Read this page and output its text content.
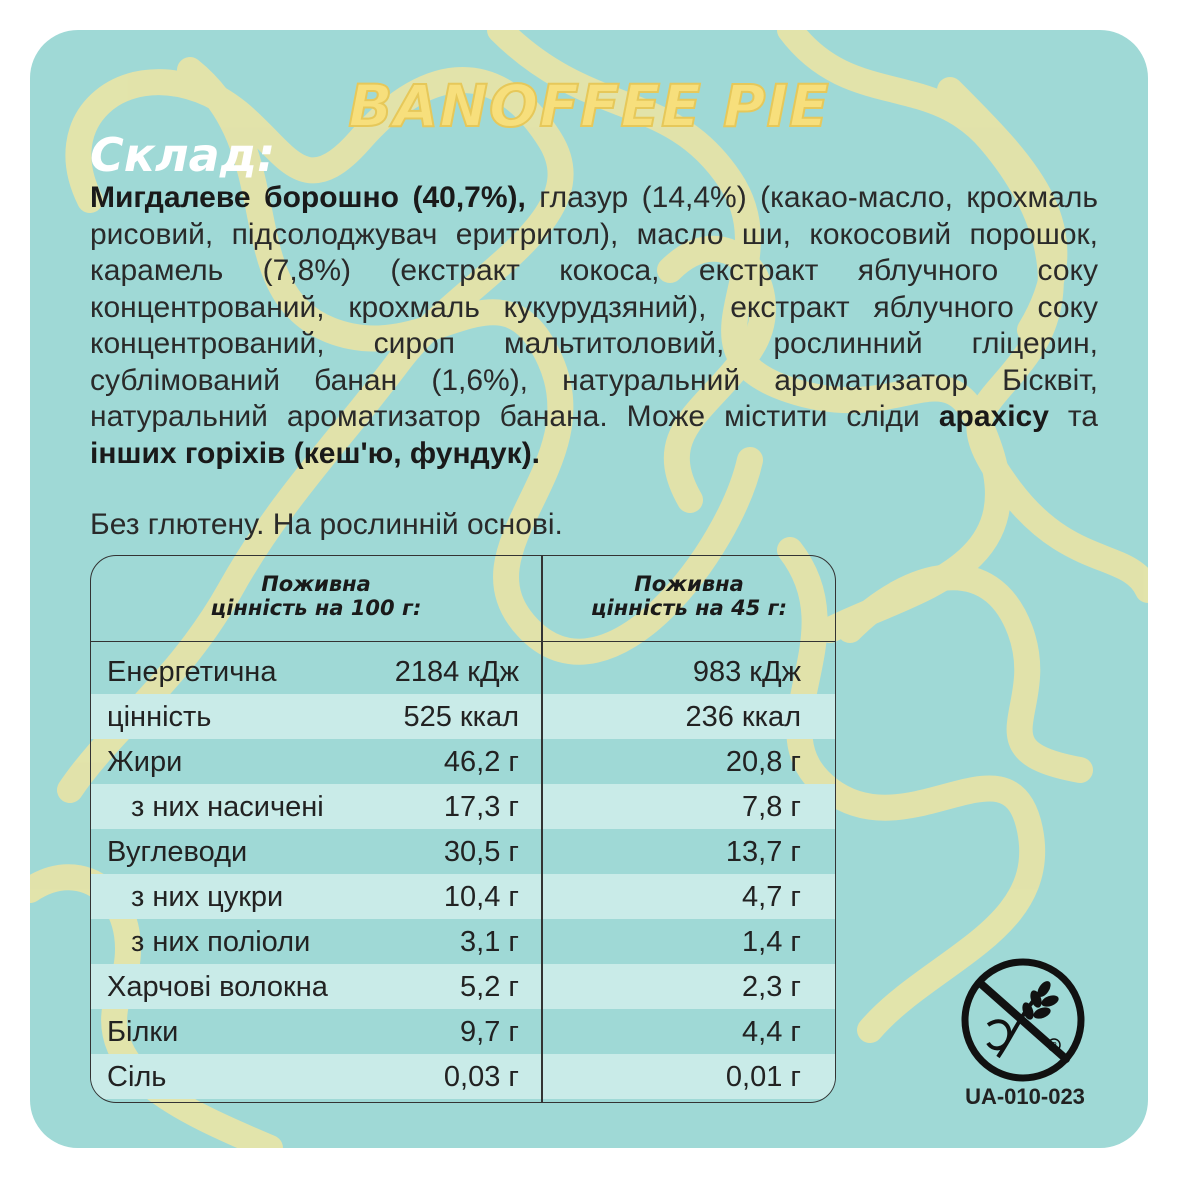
BANOFFEE PIE
Склад:
Мигдалеве борошно (40,7%), глазур (14,4%) (какао-масло, крохмаль рисовий, підсолоджувач еритритол), масло ши, кокосовий порошок, карамель (7,8%) (екстракт кокоса, екстракт яблучного соку концентрований, крохмаль кукурудзяний), екстракт яблучного соку концентрований, сироп мальтитоловий, рослинний гліцерин, сублімований банан (1,6%), натуральний ароматизатор Бісквіт, натуральний ароматизатор банана. Може містити сліди арахісу та інших горіхів (кеш'ю, фундук).
Без глютену. На рослинній основі.
Поживна
цінність на 100 г:
Поживна
цінність на 45 г:
Енергетична	2184 кДж	983 кДж
цінність	525 ккал	236 ккал
Жири	46,2 г	20,8 г
з них насичені	17,3 г	7,8 г
Вуглеводи	30,5 г	13,7 г
з них цукри	10,4 г	4,7 г
з них поліоли	3,1 г	1,4 г
Харчові волокна	5,2 г	2,3 г
Білки	9,7 г	4,4 г
Сіль	0,03 г	0,01 г
R
UA-010-023
